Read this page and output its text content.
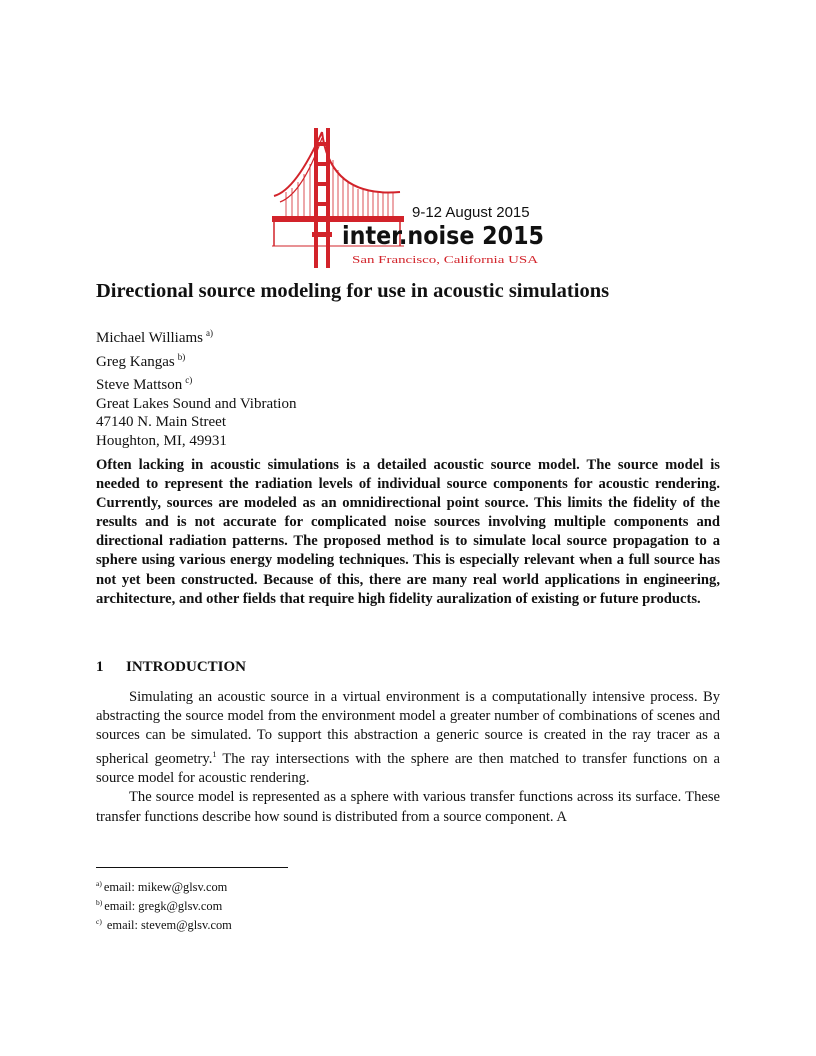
9-12 August 2015
inter.noise 2015
San Francisco, California USA
Directional source modeling for use in acoustic simulations
Michael Williams $^{a)}$
Greg Kangas $^{b)}$
Steve Mattson $^{c)}$
Great Lakes Sound and Vibration
47140 N. Main Street
Houghton, MI, 49931

Often lacking in acoustic simulations is a detailed acoustic source model. The source model is needed to represent the radiation levels of individual source components for acoustic rendering. Currently, sources are modeled as an omnidirectional point source. This limits the fidelity of the results and is not accurate for complicated noise sources involving multiple components and directional radiation patterns. The proposed method is to simulate local source propagation to a sphere using various energy modeling techniques. This is especially relevant when a full source has not yet been constructed. Because of this, there are many real world applications in engineering, architecture, and other fields that require high fidelity auralization of existing or future products.

1 INTRODUCTION

Simulating an acoustic source in a virtual environment is a computationally intensive process. By abstracting the source model from the environment model a greater number of combinations of scenes and sources can be simulated. To support this abstraction a generic source is created in the ray tracer as a spherical geometry.$^1$ The ray intersections with the sphere are then matched to transfer functions on a source model for acoustic rendering.

The source model is represented as a sphere with various transfer functions across its surface. These transfer functions describe how sound is distributed from a source component. A

$^{a)}$ email: mikew@glsv.com
$^{b)}$ email: gregk@glsv.com
$^{c)}$ email: stevem@glsv.com
